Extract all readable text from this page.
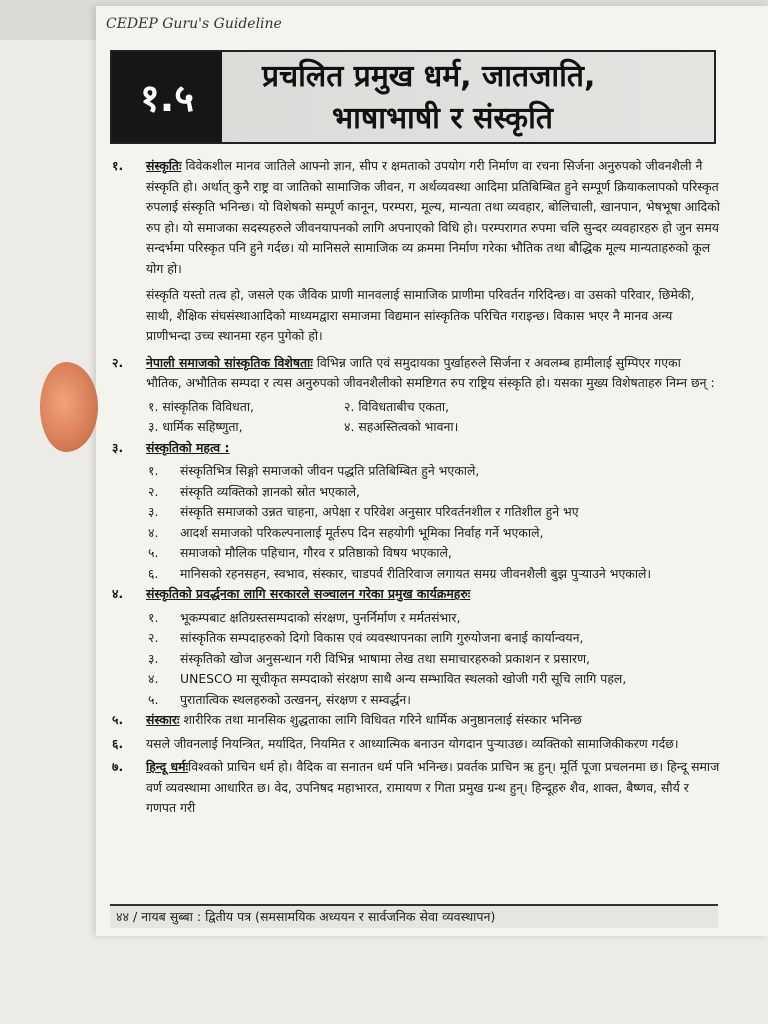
CEDEP Guru's Guideline
१.५	प्रचलित प्रमुख धर्म, जातजाति,
भाषाभाषी र संस्कृति
१. संस्कृतिः विवेकशील मानव जातिले आफ्नो ज्ञान, सीप र क्षमताको उपयोग गरी निर्माण वा रचना सिर्जना अनुरुपको जीवनशैली नै संस्कृति हो। अर्थात् कुनै राष्ट्र वा जातिको सामाजिक जीवन, ग अर्थव्यवस्था आदिमा प्रतिबिम्बित हुने सम्पूर्ण क्रियाकलापको परिस्कृत रुपलाई संस्कृति भनिन्छ। यो विशेषको सम्पूर्ण कानून, परम्परा, मूल्य, मान्यता तथा व्यवहार, बोलिचाली, खानपान, भेषभूषा आदिको रुप हो। यो समाजका सदस्यहरुले जीवनयापनको लागि अपनाएको विधि हो। परम्परागत रुपमा चलि सुन्दर व्यवहारहरु हो जुन समय सन्दर्भमा परिस्कृत पनि हुने गर्दछ। यो मानिसले सामाजिक व्य क्रममा निर्माण गरेका भौतिक तथा बौद्धिक मूल्य मान्यताहरुको कूल योग हो।
संस्कृति यस्तो तत्व हो, जसले एक जैविक प्राणी मानवलाई सामाजिक प्राणीमा परिवर्तन गरिदिन्छ। वा उसको परिवार, छिमेकी, साथी, शैक्षिक संघसंस्थाआदिको माध्यमद्वारा समाजमा विद्यमान सांस्कृतिक परिचित गराइन्छ। विकास भएर नै मानव अन्य प्राणीभन्दा उच्च स्थानमा रहन पुगेको हो।
२. नेपाली समाजको सांस्कृतिक विशेषताः विभिन्न जाति एवं समुदायका पुर्खाहरुले सिर्जना र अवलम्ब हामीलाई सुम्पिएर गएका भौतिक, अभौतिक सम्पदा र त्यस अनुरुपको जीवनशैलीको समष्टिगत रुप राष्ट्रिय संस्कृति हो। यसका मुख्य विशेषताहरु निम्न छन् :
१. सांस्कृतिक विविधता,	२. विविधताबीच एकता,
३. धार्मिक सहिष्णुता,	४. सहअस्तित्वको भावना।
३. संस्कृतिको महत्व :
१. संस्कृतिभित्र सिङ्गो समाजको जीवन पद्धति प्रतिबिम्बित हुने भएकाले,
२. संस्कृति व्यक्तिको ज्ञानको स्रोत भएकाले,
३. संस्कृति समाजको उन्नत चाहना, अपेक्षा र परिवेश अनुसार परिवर्तनशील र गतिशील हुने भए
४. आदर्श समाजको परिकल्पनालाई मूर्तरुप दिन सहयोगी भूमिका निर्वाह गर्ने भएकाले,
५. समाजको मौलिक पहिचान, गौरव र प्रतिष्ठाको विषय भएकाले,
६. मानिसको रहनसहन, स्वभाव, संस्कार, चाडपर्व रीतिरिवाज लगायत समग्र जीवनशैली बुझ पुऱ्याउने भएकाले।
४. संस्कृतिको प्रवर्द्धनका लागि सरकारले सञ्चालन गरेका प्रमुख कार्यक्रमहरुः
१. भूकम्पबाट क्षतिग्रस्तसम्पदाको संरक्षण, पुनर्निर्माण र मर्मतसंभार,
२. सांस्कृतिक सम्पदाहरुको दिगो विकास एवं व्यवस्थापनका लागि गुरुयोजना बनाई कार्यान्वयन,
३. संस्कृतिको खोज अनुसन्धान गरी विभिन्न भाषामा लेख तथा समाचारहरुको प्रकाशन र प्रसारण,
४. UNESCO मा सूचीकृत सम्पदाको संरक्षण साथै अन्य सम्भावित स्थलको खोजी गरी सूचि लागि पहल,
५. पुरातात्विक स्थलहरुको उत्खनन्, संरक्षण र सम्वर्द्धन।
५. संस्कारः शारीरिक तथा मानसिक शुद्धताका लागि विधिवत गरिने धार्मिक अनुष्ठानलाई संस्कार भनिन्छ
६. यसले जीवनलाई नियन्त्रित, मर्यादित, नियमित र आध्यात्मिक बनाउन योगदान पुऱ्याउछ। व्यक्तिको सामाजिकीकरण गर्दछ।
७. हिन्दू धर्मःविश्वको प्राचिन धर्म हो। वैदिक वा सनातन धर्म पनि भनिन्छ। प्रवर्तक प्राचिन ऋ हुन्। मूर्ति पूजा प्रचलनमा छ। हिन्दू समाज वर्ण व्यवस्थामा आधारित छ। वेद, उपनिषद महाभारत, रामायण र गिता प्रमुख ग्रन्थ हुन्। हिन्दूहरु शैव, शाक्त, बैष्णव, सौर्य र गणपत गरी
४४ / नायब सुब्बा : द्वितीय पत्र (समसामयिक अध्ययन र सार्वजनिक सेवा व्यवस्थापन)
